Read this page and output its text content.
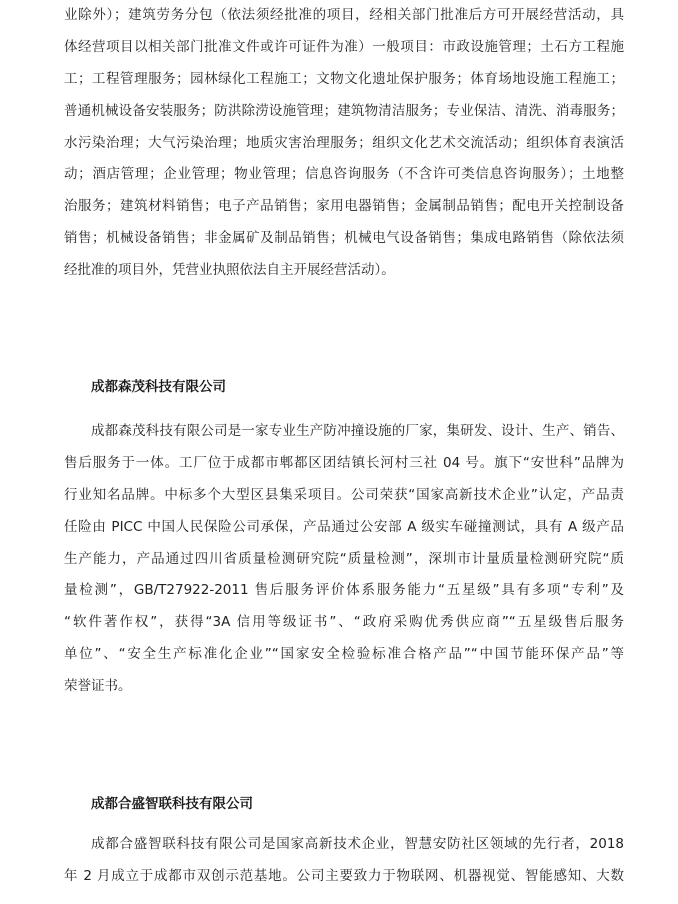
业除外）；建筑劳务分包（依法须经批准的项目，经相关部门批准后方可开展经营活动，具
体经营项目以相关部门批准文件或许可证件为准）一般项目：市政设施管理；土石方工程施
工；工程管理服务；园林绿化工程施工；文物文化遗址保护服务；体育场地设施工程施工；
普通机械设备安装服务；防洪除涝设施管理；建筑物清洁服务；专业保洁、清洗、消毒服务；
水污染治理；大气污染治理；地质灾害治理服务；组织文化艺术交流活动；组织体育表演活
动；酒店管理；企业管理；物业管理；信息咨询服务（不含许可类信息咨询服务）；土地整
治服务；建筑材料销售；电子产品销售；家用电器销售；金属制品销售；配电开关控制设备
销售；机械设备销售；非金属矿及制品销售；机械电气设备销售；集成电路销售（除依法须
经批准的项目外，凭营业执照依法自主开展经营活动）。

成都森茂科技有限公司

成都森茂科技有限公司是一家专业生产防冲撞设施的厂家，集研发、设计、生产、销告、
售后服务于一体。工厂位于成都市郫都区团结镇长河村三社 04 号。旗下“安世科”品牌为
行业知名品牌。中标多个大型区县集采项目。公司荣获“国家高新技术企业”认定，产品责
任险由 PICC 中国人民保险公司承保，产品通过公安部 A 级实车碰撞测试，具有 A 级产品
生产能力，产品通过四川省质量检测研究院“质量检测”，深圳市计量质量检测研究院“质
量检测”，GB/T27922-2011 售后服务评价体系服务能力“五星级”具有多项“专利”及
“软件著作权”，获得“3A 信用等级证书”、“政府采购优秀供应商”“五星级售后服务
单位”、“安全生产标准化企业”“国家安全检验标准合格产品”“中国节能环保产品”等
荣誉证书。

成都合盛智联科技有限公司

成都合盛智联科技有限公司是国家高新技术企业，智慧安防社区领域的先行者，2018
年 2 月成立于成都市双创示范基地。公司主要致力于物联网、机器视觉、智能感知、大数
